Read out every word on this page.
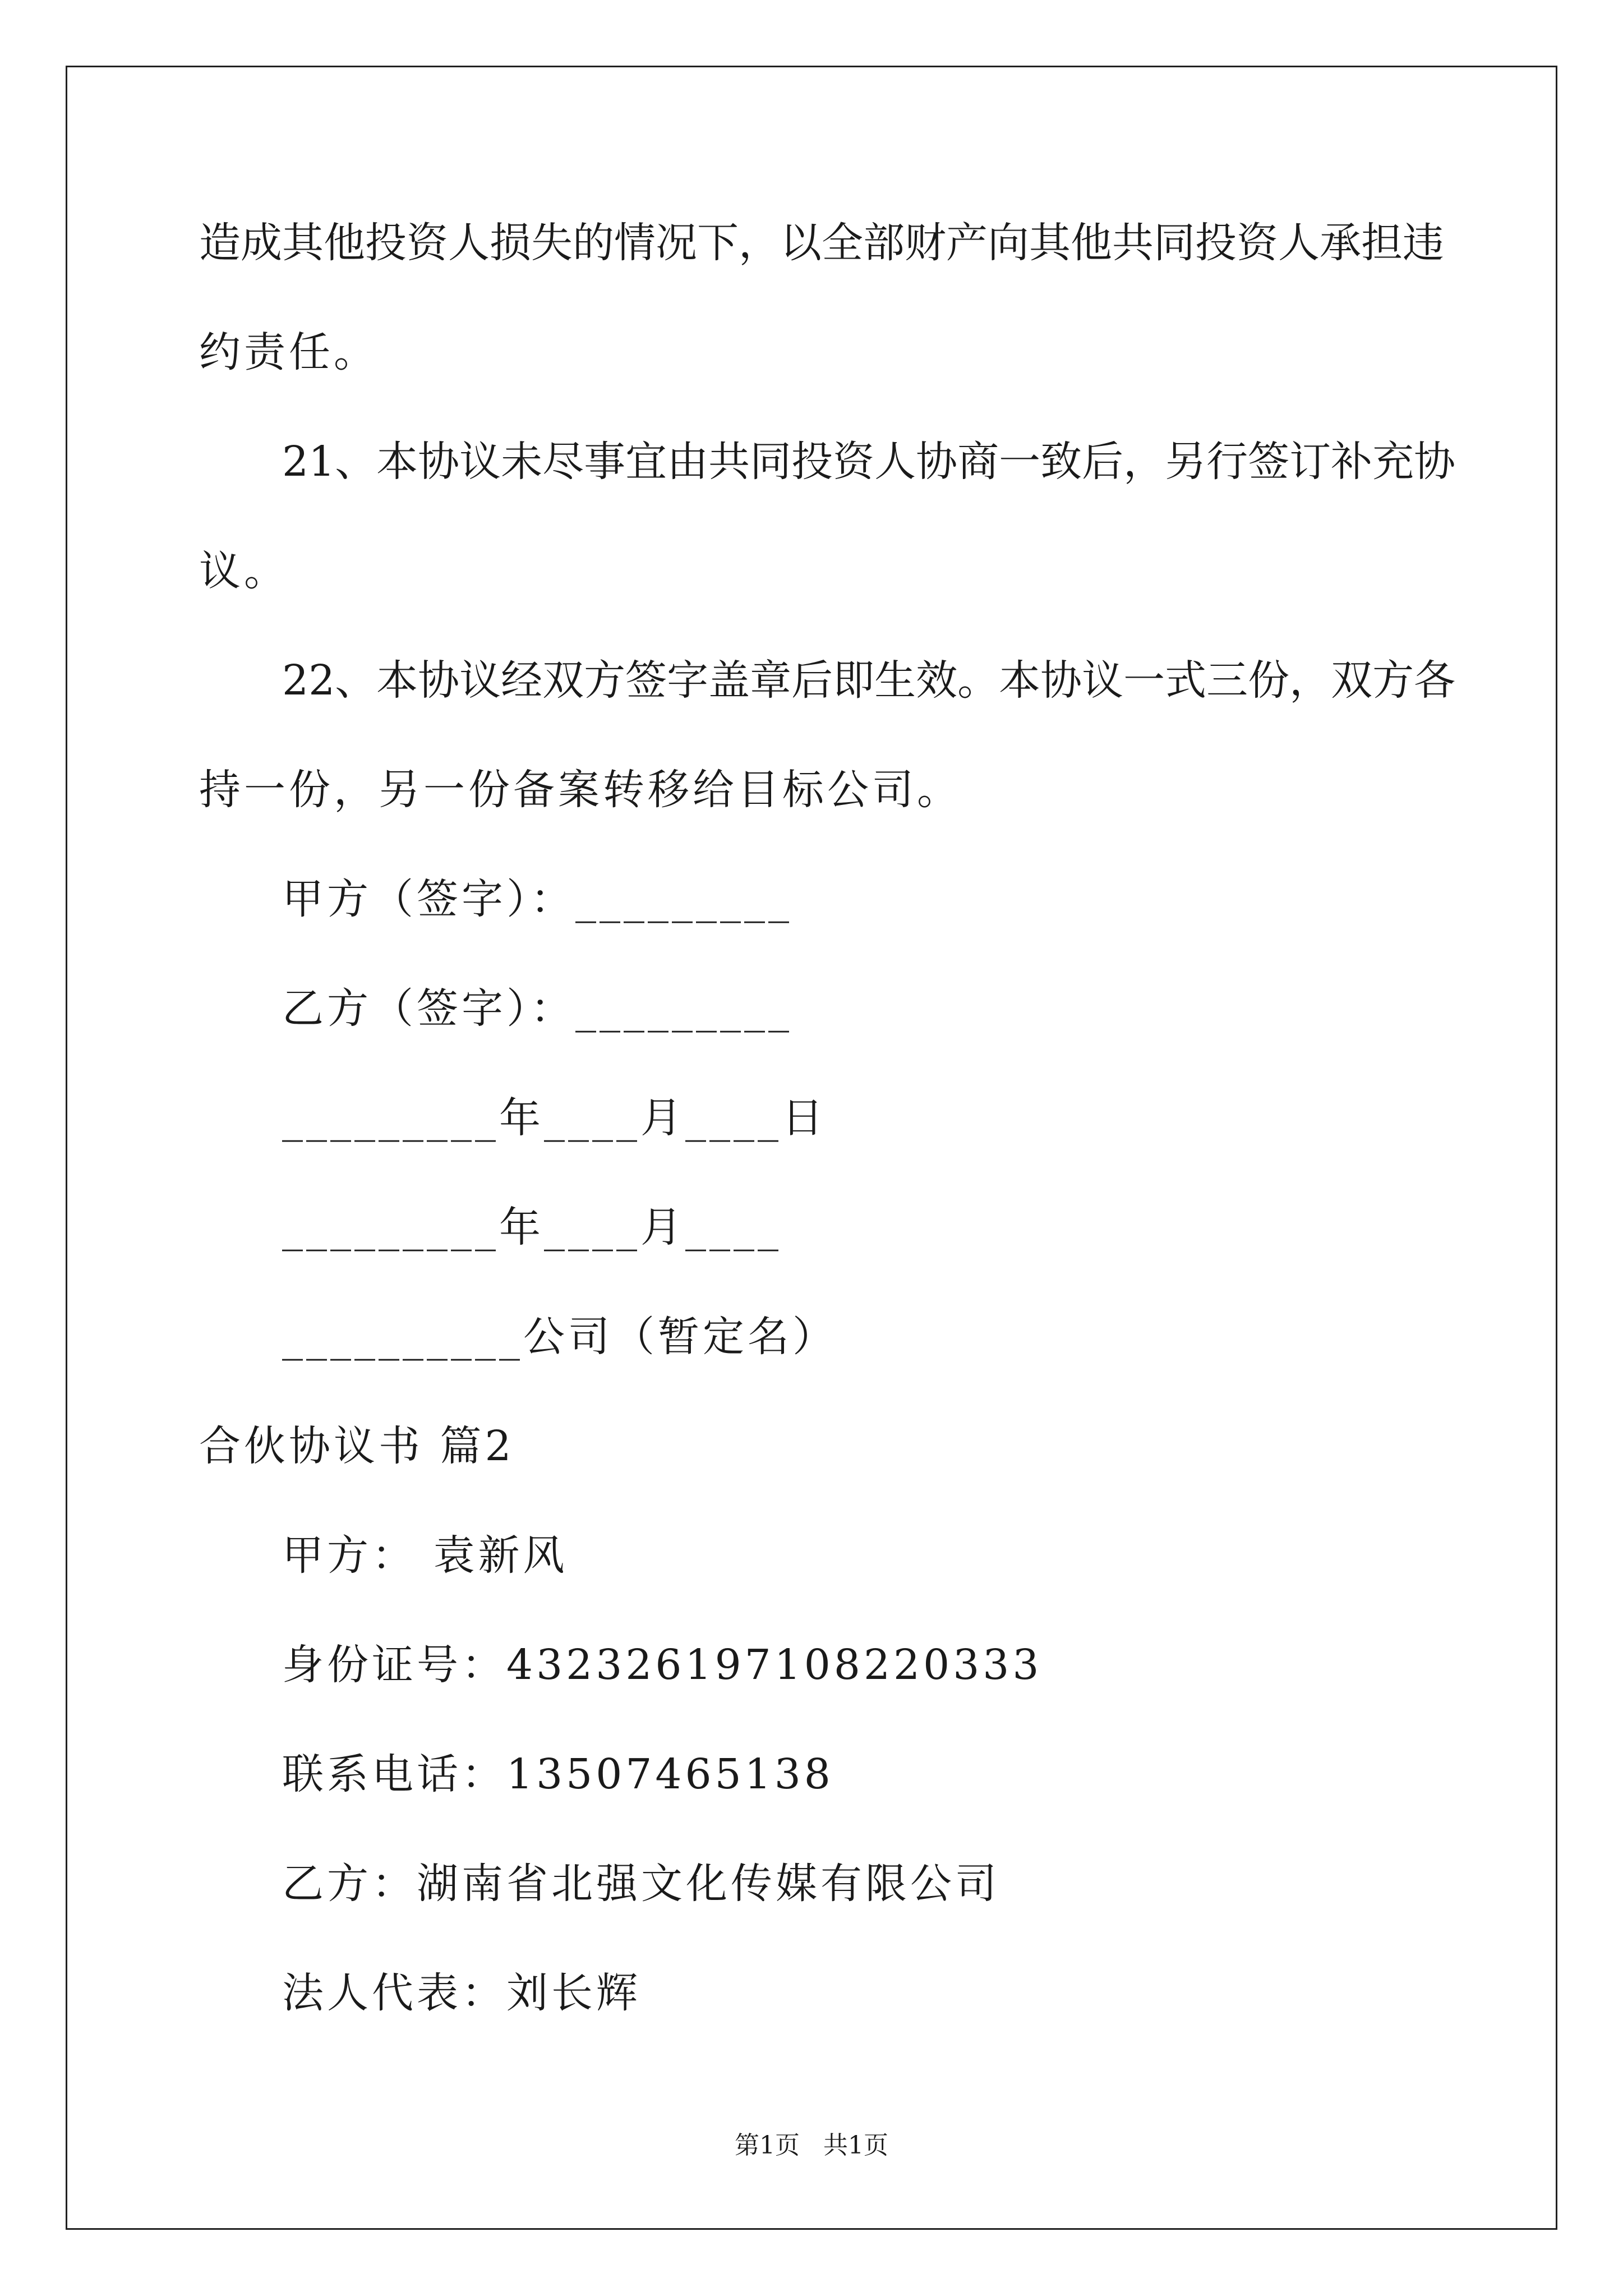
造成其他投资人损失的情况下，以全部财产向其他共同投资人承担违
约责任。
21、本协议未尽事宜由共同投资人协商一致后，另行签订补充协
议。
22、本协议经双方签字盖章后即生效。本协议一式三份，双方各
持一份，另一份备案转移给目标公司。
甲方（签字）：_________
乙方（签字）：_________
_________年____月____日
_________年____月____
__________公司（暂定名）
合伙协议书 篇2
甲方： 袁新风
身份证号：432326197108220333
联系电话：13507465138
乙方：湖南省北强文化传媒有限公司
法人代表：刘长辉
第1页 共1页
